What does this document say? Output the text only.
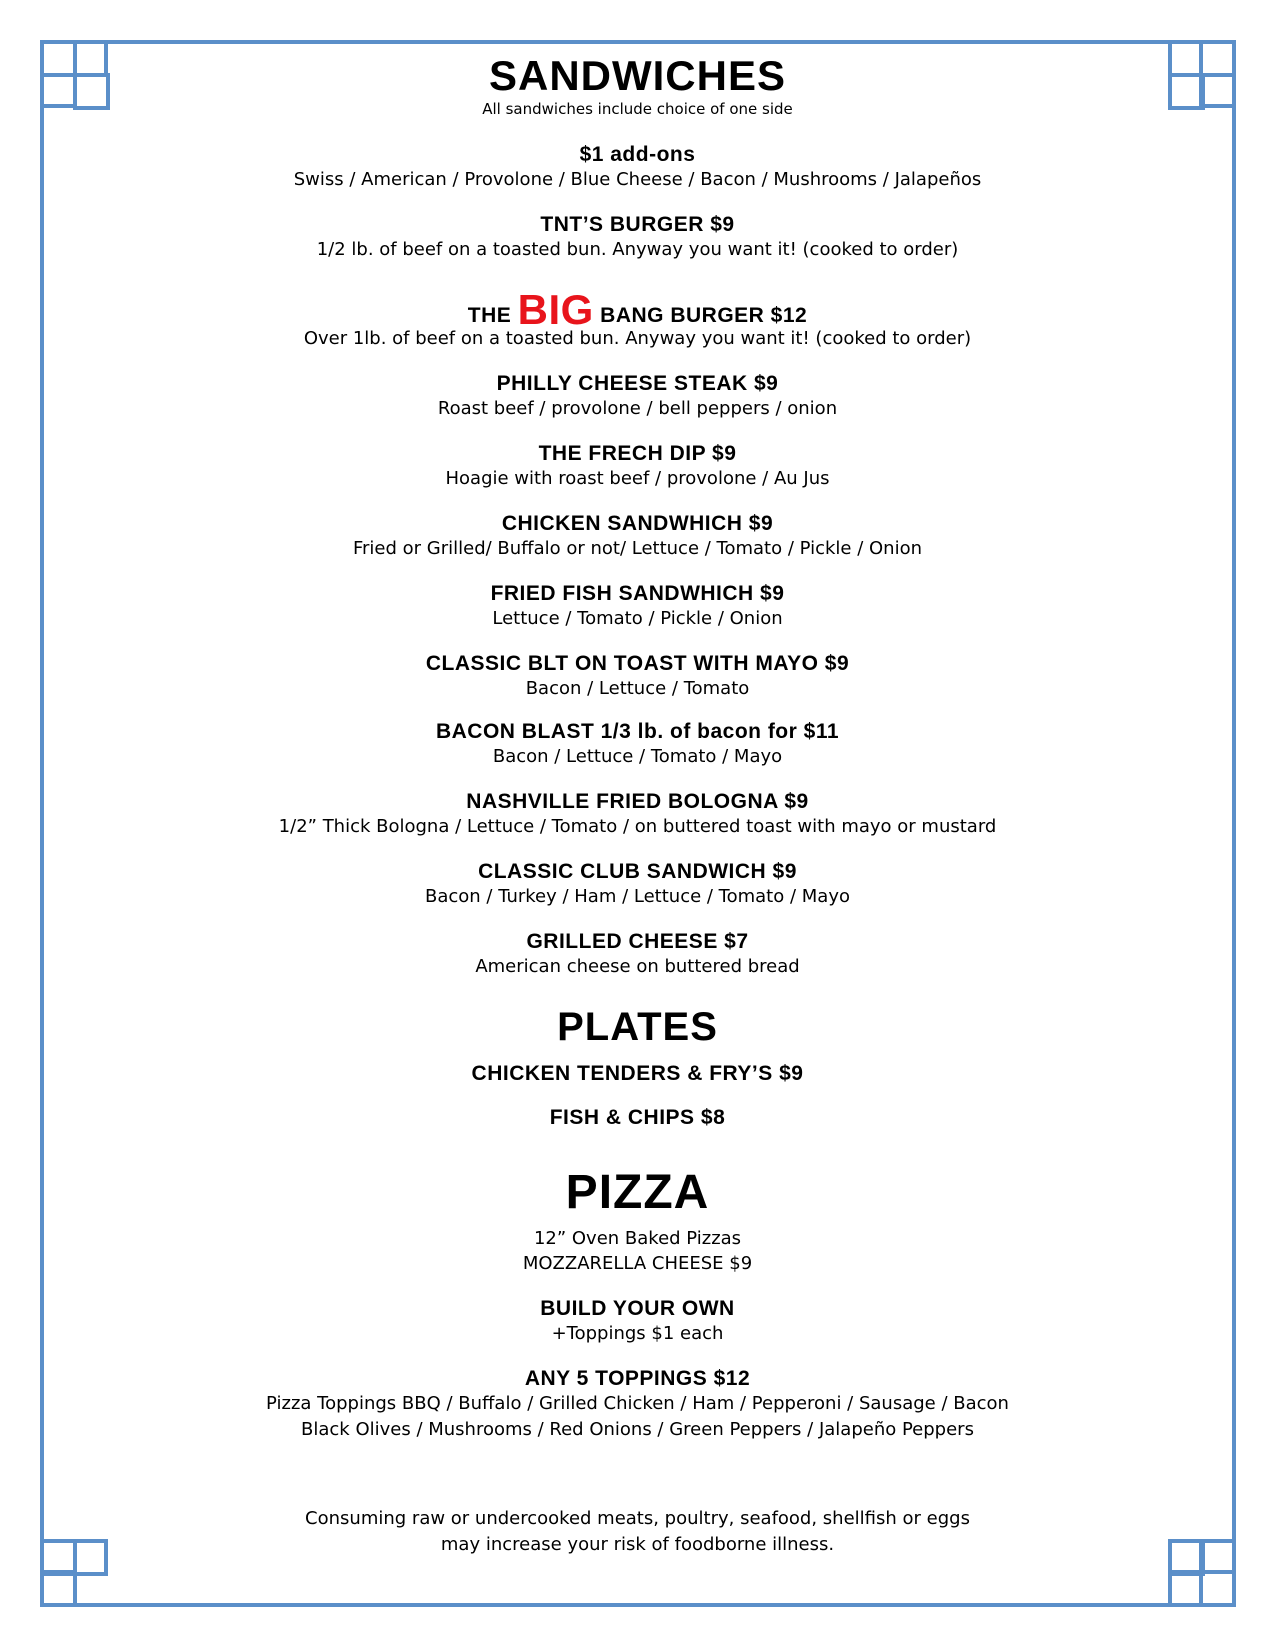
SANDWICHES
All sandwiches include choice of one side
$1 add-ons
Swiss / American / Provolone / Blue Cheese / Bacon / Mushrooms / Jalapeños
TNT’S BURGER $9
1/2 lb. of beef on a toasted bun. Anyway you want it! (cooked to order)
THE BIG BANG BURGER $12
Over 1lb. of beef on a toasted bun. Anyway you want it! (cooked to order)
PHILLY CHEESE STEAK $9
Roast beef / provolone / bell peppers / onion
THE FRECH DIP $9
Hoagie with roast beef / provolone / Au Jus
CHICKEN SANDWHICH $9
Fried or Grilled/ Buffalo or not/ Lettuce / Tomato / Pickle / Onion
FRIED FISH SANDWHICH $9
Lettuce / Tomato / Pickle / Onion
CLASSIC BLT ON TOAST WITH MAYO $9
Bacon / Lettuce / Tomato
BACON BLAST 1/3 lb. of bacon for $11
Bacon / Lettuce / Tomato / Mayo
NASHVILLE FRIED BOLOGNA $9
1/2” Thick Bologna / Lettuce / Tomato / on buttered toast with mayo or mustard
CLASSIC CLUB SANDWICH $9
Bacon / Turkey / Ham / Lettuce / Tomato / Mayo
GRILLED CHEESE $7
American cheese on buttered bread
PLATES
CHICKEN TENDERS & FRY’S $9
FISH & CHIPS $8
PIZZA
12” Oven Baked Pizzas
MOZZARELLA CHEESE $9
BUILD YOUR OWN
+Toppings $1 each
ANY 5 TOPPINGS $12
Pizza Toppings BBQ / Buffalo / Grilled Chicken / Ham / Pepperoni / Sausage / Bacon
Black Olives / Mushrooms / Red Onions / Green Peppers / Jalapeño Peppers
Consuming raw or undercooked meats, poultry, seafood, shellfish or eggs
may increase your risk of foodborne illness.
